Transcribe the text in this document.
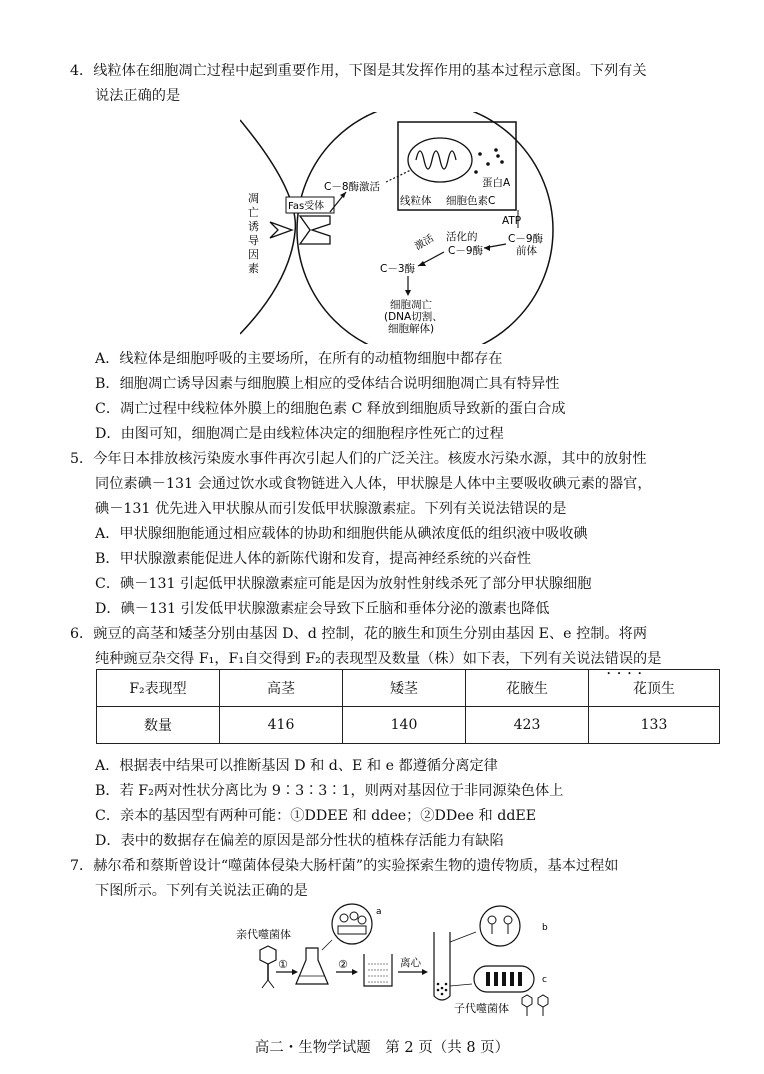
4．线粒体在细胞凋亡过程中起到重要作用，下图是其发挥作用的基本过程示意图。下列有关
说法正确的是
Fas受体
凋亡诱导因素
C－8酶激活	蛋白A
线粒体 细胞色素C
ATP
C－9酶
前体
活化的
C－9酶
激活
C－3酶
细胞凋亡
(DNA切割、
细胞解体)
A．线粒体是细胞呼吸的主要场所，在所有的动植物细胞中都存在
B．细胞凋亡诱导因素与细胞膜上相应的受体结合说明细胞凋亡具有特异性
C．凋亡过程中线粒体外膜上的细胞色素 C 释放到细胞质导致新的蛋白合成
D．由图可知，细胞凋亡是由线粒体决定的细胞程序性死亡的过程
5．今年日本排放核污染废水事件再次引起人们的广泛关注。核废水污染水源，其中的放射性
同位素碘－131 会通过饮水或食物链进入人体，甲状腺是人体中主要吸收碘元素的器官，
碘－131 优先进入甲状腺从而引发低甲状腺激素症。下列有关说法错误的是
A．甲状腺细胞能通过相应载体的协助和细胞供能从碘浓度低的组织液中吸收碘
B．甲状腺激素能促进人体的新陈代谢和发育，提高神经系统的兴奋性
C．碘－131 引起低甲状腺激素症可能是因为放射性射线杀死了部分甲状腺细胞
D．碘－131 引发低甲状腺激素症会导致下丘脑和垂体分泌的激素也降低
6．豌豆的高茎和矮茎分别由基因 D、d 控制，花的腋生和顶生分别由基因 E、e 控制。将两
纯种豌豆杂交得 F₁，F₁自交得到 F₂的表现型及数量（株）如下表，下列有关说法错误的 • • • •是
F₂表现型	高茎	矮茎	花腋生	花顶生
数量	416	140	423	133
A．根据表中结果可以推断基因 D 和 d、E 和 e 都遵循分离定律
B．若 F₂两对性状分离比为 9∶3∶3∶1，则两对基因位于非同源染色体上
C．亲本的基因型有两种可能：①DDEE 和 ddee；②DDee 和 ddEE
D．表中的数据存在偏差的原因是部分性状的植株存活能力有缺陷
7．赫尔希和蔡斯曾设计“噬菌体侵染大肠杆菌”的实验探索生物的遗传物质，基本过程如
下图所示。下列有关说法正确的是
亲代噬菌体
①
a
②	离心
b
c
子代噬菌体
高二・生物学试题　第 2 页（共 8 页）
